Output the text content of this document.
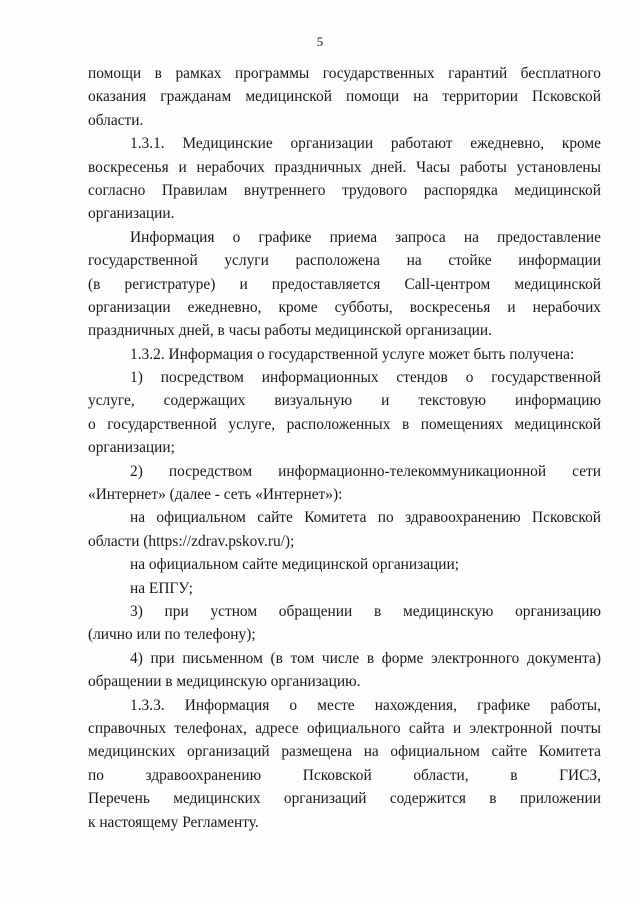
5
помощи в рамках программы государственных гарантий бесплатного
оказания гражданам медицинской помощи на территории Псковской
области.
1.3.1. Медицинские организации работают ежедневно, кроме
воскресенья и нерабочих праздничных дней. Часы работы установлены
согласно Правилам внутреннего трудового распорядка медицинской
организации.
Информация о графике приема запроса на предоставление
государственной услуги расположена на стойке информации
(в регистратуре) и предоставляется Call-центром медицинской
организации ежедневно, кроме субботы, воскресенья и нерабочих
праздничных дней, в часы работы медицинской организации.
1.3.2. Информация о государственной услуге может быть получена:
1) посредством информационных стендов о государственной
услуге, содержащих визуальную и текстовую информацию
о государственной услуге, расположенных в помещениях медицинской
организации;
2) посредством информационно-телекоммуникационной сети
«Интернет» (далее - сеть «Интернет»):
на официальном сайте Комитета по здравоохранению Псковской
области (https://zdrav.pskov.ru/);
на официальном сайте медицинской организации;
на ЕПГУ;
3) при устном обращении в медицинскую организацию
(лично или по телефону);
4) при письменном (в том числе в форме электронного документа)
обращении в медицинскую организацию.
1.3.3. Информация о месте нахождения, графике работы,
справочных телефонах, адресе официального сайта и электронной почты
медицинских организаций размещена на официальном сайте Комитета
по здравоохранению Псковской области, в ГИСЗ,
Перечень медицинских организаций содержится в приложении
к настоящему Регламенту.
